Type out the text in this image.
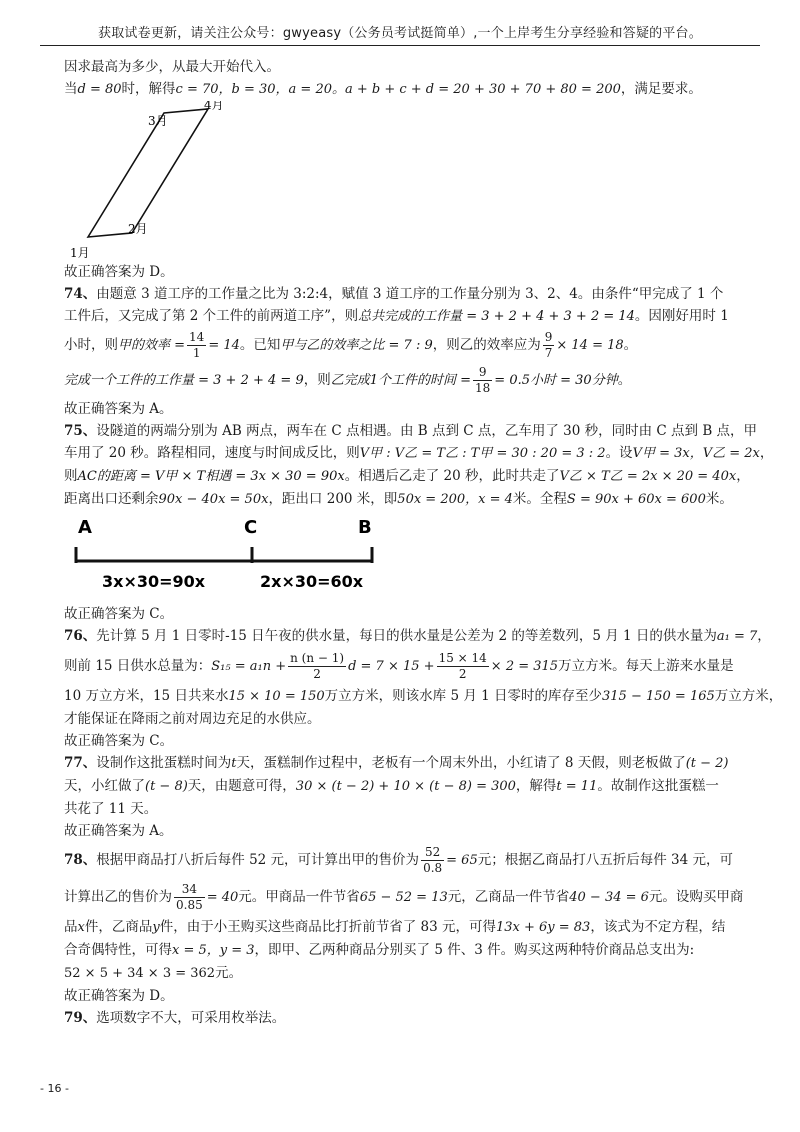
获取试卷更新，请关注公众号：gwyeasy（公务员考试挺简单）,一个上岸考生分享经验和答疑的平台。
因求最高为多少，从最大开始代入。
当d = 80时，解得c = 70，b = 30，a = 20。a + b + c + d = 20 + 30 + 70 + 80 = 200，满足要求。
1月
2月
3月
4月
故正确答案为 D。
74、由题意 3 道工序的工作量之比为 3:2:4，赋值 3 道工序的工作量分别为 3、2、4。由条件“甲完成了 1 个
工件后，又完成了第 2 个工件的前两道工序”，则总共完成的工作量 = 3 + 2 + 4 + 3 + 2 = 14。因刚好用时 1
小时，则甲的效率 = $\frac{14}{1} = 14$。已知甲与乙的效率之比 = 7 : 9，则乙的效率应为 $\frac{9}{7} \times 14 = 18$。
完成一个工件的工作量 = 3 + 2 + 4 = 9，则乙完成1个工件的时间 = $\frac{9}{18} = 0.5$小时 = 30分钟。
故正确答案为 A。
75、设隧道的两端分别为 AB 两点，两车在 C 点相遇。由 B 点到 C 点，乙车用了 30 秒，同时由 C 点到 B 点，甲
车用了 20 秒。路程相同，速度与时间成反比，则V甲 : V乙 = T乙 : T甲 = 30 : 20 = 3 : 2。设V甲 = 3x，V乙 = 2x，
则AC的距离 = V甲 × T相遇 = 3x × 30 = 90x。相遇后乙走了 20 秒，此时共走了V乙 × T乙 = 2x × 20 = 40x，
距离出口还剩余90x − 40x = 50x，距出口 200 米，即50x = 200，x = 4米。全程S = 90x + 60x = 600米。
A	C	B
3x×30=90x	2x×30=60x
故正确答案为 C。
76、先计算 5 月 1 日零时-15 日午夜的供水量，每日的供水量是公差为 2 的等差数列，5 月 1 日的供水量为a₁ = 7，
则前 15 日供水总量为：$S_{15} = a_1n + \frac{n (n - 1)}{2}$ $d = 7 \times 15 + \frac{15 \times 14}{2} \times 2 = 315$万立方米。每天上游来水量是
10 万立方米，15 日共来水15 × 10 = 150万立方米，则该水库 5 月 1 日零时的库存至少315 − 150 = 165万立方米，
才能保证在降雨之前对周边充足的水供应。
故正确答案为 C。
77、设制作这批蛋糕时间为t天，蛋糕制作过程中，老板有一个周末外出，小红请了 8 天假，则老板做了(t − 2)
天，小红做了(t − 8)天，由题意可得，30 × (t − 2) + 10 × (t − 8) = 300，解得t = 11。故制作这批蛋糕一
共花了 11 天。
故正确答案为 A。
78、根据甲商品打八折后每件 52 元，可计算出甲的售价为 $\frac{52}{0.8} = 65$元；根据乙商品打八五折后每件 34 元，可
计算出乙的售价为 $\frac{34}{0.85} = 40$元。甲商品一件节省65 − 52 = 13元，乙商品一件节省40 − 34 = 6元。设购买甲商
品x件，乙商品y件，由于小王购买这些商品比打折前节省了 83 元，可得13x + 6y = 83，该式为不定方程，结
合奇偶特性，可得x = 5，y = 3，即甲、乙两种商品分别买了 5 件、3 件。购买这两种特价商品总支出为:
52 × 5 + 34 × 3 = 362元。
故正确答案为 D。
79、选项数字不大，可采用枚举法。
- 16 -
